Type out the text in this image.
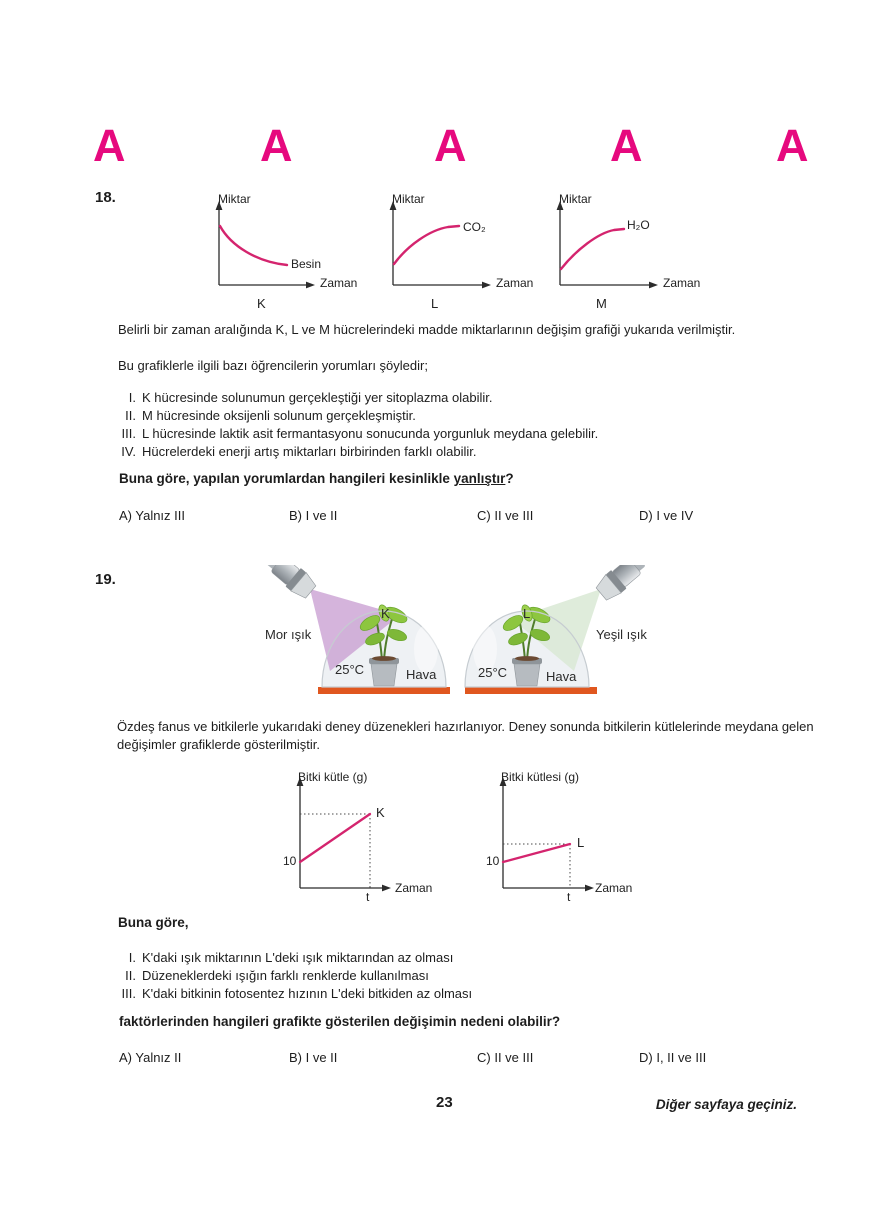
A	A	A	A	A
18.	Miktar
Besin
Zaman
K
Miktar
CO₂
Zaman
L
Miktar
H₂O
Zaman
M

Belirli bir zaman aralığında K, L ve M hücrelerindeki madde miktarlarının değişim grafiği yukarıda verilmiştir.

Bu grafiklerle ilgili bazı öğrencilerin yorumları şöyledir;

I. K hücresinde solunumun gerçekleştiği yer sitoplazma olabilir.
II. M hücresinde oksijenli solunum gerçekleşmiştir.
III. L hücresinde laktik asit fermantasyonu sonucunda yorgunluk meydana gelebilir.
IV. Hücrelerdeki enerji artış miktarları birbirinden farklı olabilir.
Buna göre, yapılan yorumlardan hangileri kesinlikle yanlıştır?
A) Yalnız III	B) I ve II	C) II ve III	D) I ve IV
19.
Mor ışık
K
25°C	Hava
L
Yeşil ışık
25°C	Hava

Özdeş fanus ve bitkilerle yukarıdaki deney düzenekleri hazırlanıyor. Deney sonunda bitkilerin kütlelerinde meydana gelen değişimler grafiklerde gösterilmiştir.

Bitki kütle (g)
10
K
t
Zaman
Bitki kütlesi (g)
10
L
t
Zaman
Buna göre,
I. K'daki ışık miktarının L'deki ışık miktarından az olması
II. Düzeneklerdeki ışığın farklı renklerde kullanılması
III. K'daki bitkinin fotosentez hızının L'deki bitkiden az olması
faktörlerinden hangileri grafikte gösterilen değişimin nedeni olabilir?
A) Yalnız II	B) I ve II	C) II ve III	D) I, II ve III
23	Diğer sayfaya geçiniz.
